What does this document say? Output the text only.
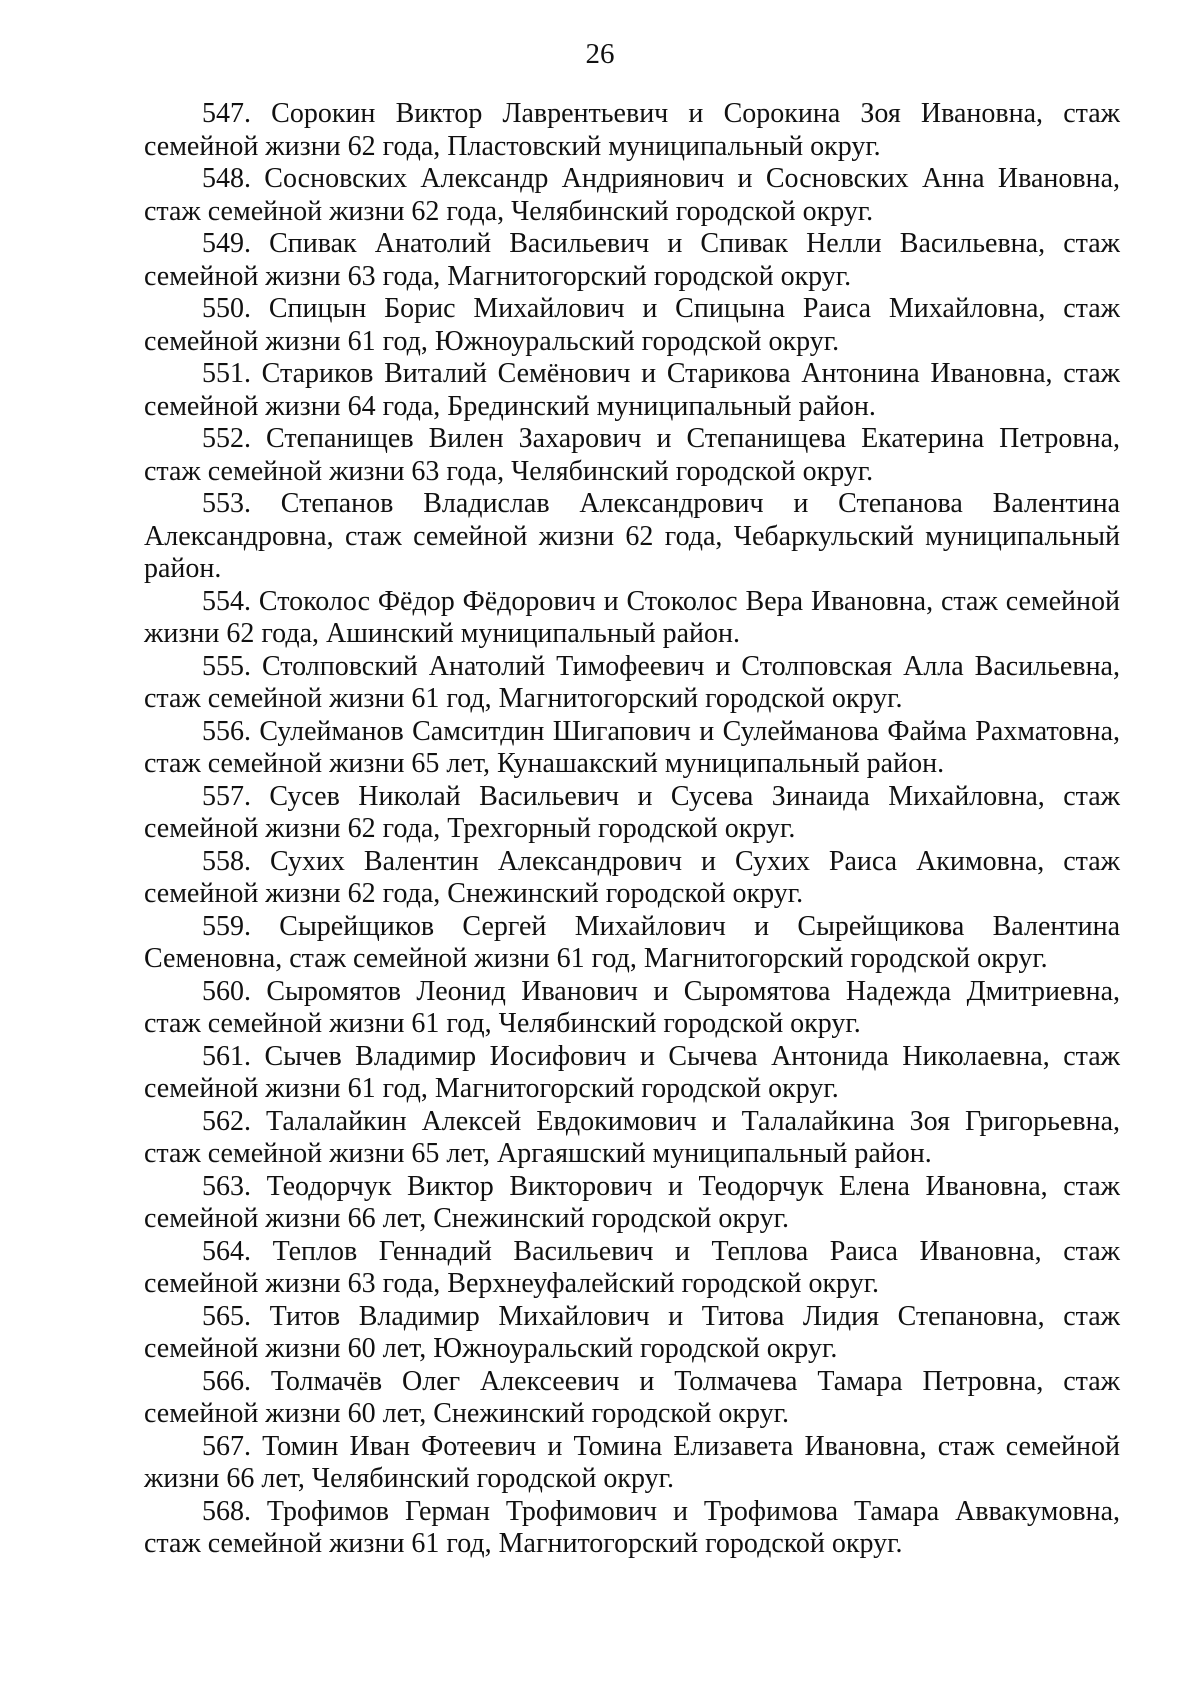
26

547. Сорокин Виктор Лаврентьевич и Сорокина Зоя Ивановна, стаж семейной жизни 62 года, Пластовский муниципальный округ.

548. Сосновских Александр Андриянович и Сосновских Анна Ивановна, стаж семейной жизни 62 года, Челябинский городской округ.

549. Спивак Анатолий Васильевич и Спивак Нелли Васильевна, стаж семейной жизни 63 года, Магнитогорский городской округ.

550. Спицын Борис Михайлович и Спицына Раиса Михайловна, стаж семейной жизни 61 год, Южноуральский городской округ.

551. Стариков Виталий Семёнович и Старикова Антонина Ивановна, стаж семейной жизни 64 года, Брединский муниципальный район.

552. Степанищев Вилен Захарович и Степанищева Екатерина Петровна, стаж семейной жизни 63 года, Челябинский городской округ.

553. Степанов Владислав Александрович и Степанова Валентина Александровна, стаж семейной жизни 62 года, Чебаркульский муниципальный район.

554. Стоколос Фёдор Фёдорович и Стоколос Вера Ивановна, стаж семейной жизни 62 года, Ашинский муниципальный район.

555. Столповский Анатолий Тимофеевич и Столповская Алла Васильевна, стаж семейной жизни 61 год, Магнитогорский городской округ.

556. Сулейманов Самситдин Шигапович и Сулейманова Файма Рахматовна, стаж семейной жизни 65 лет, Кунашакский муниципальный район.

557. Сусев Николай Васильевич и Сусева Зинаида Михайловна, стаж семейной жизни 62 года, Трехгорный городской округ.

558. Сухих Валентин Александрович и Сухих Раиса Акимовна, стаж семейной жизни 62 года, Снежинский городской округ.

559. Сырейщиков Сергей Михайлович и Сырейщикова Валентина Семеновна, стаж семейной жизни 61 год, Магнитогорский городской округ.

560. Сыромятов Леонид Иванович и Сыромятова Надежда Дмитриевна, стаж семейной жизни 61 год, Челябинский городской округ.

561. Сычев Владимир Иосифович и Сычева Антонида Николаевна, стаж семейной жизни 61 год, Магнитогорский городской округ.

562. Талалайкин Алексей Евдокимович и Талалайкина Зоя Григорьевна, стаж семейной жизни 65 лет, Аргаяшский муниципальный район.

563. Теодорчук Виктор Викторович и Теодорчук Елена Ивановна, стаж семейной жизни 66 лет, Снежинский городской округ.

564. Теплов Геннадий Васильевич и Теплова Раиса Ивановна, стаж семейной жизни 63 года, Верхнеуфалейский городской округ.

565. Титов Владимир Михайлович и Титова Лидия Степановна, стаж семейной жизни 60 лет, Южноуральский городской округ.

566. Толмачёв Олег Алексеевич и Толмачева Тамара Петровна, стаж семейной жизни 60 лет, Снежинский городской округ.

567. Томин Иван Фотеевич и Томина Елизавета Ивановна, стаж семейной жизни 66 лет, Челябинский городской округ.

568. Трофимов Герман Трофимович и Трофимова Тамара Аввакумовна, стаж семейной жизни 61 год, Магнитогорский городской округ.
